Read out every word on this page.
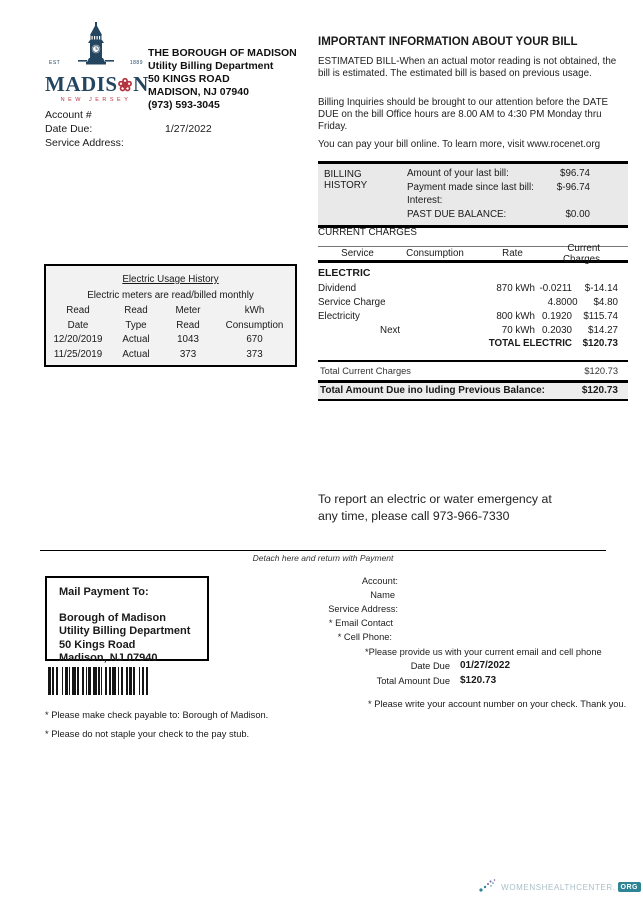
EST	1889
MADIS❀N
NEW JERSEY
THE BOROUGH OF MADISON
Utility Billing Department
50 KINGS ROAD
MADISON, NJ 07940
(973) 593-3045
Account #
Date Due:	1/27/2022
Service Address:
IMPORTANT INFORMATION ABOUT YOUR BILL
ESTIMATED BILL-When an actual motor reading is not obtained, the bill is estimated. The estimated bill is based on previous usage.
Billing Inquiries should be brought to our attention before the DATE DUE on the bill Office hours are 8.00 AM to 4:30 PM Monday thru Friday.
You can pay your bill online. To learn more, visit www.rocenet.org
BILLING HISTORY
Amount of your last bill:	$96.74
Payment made since last bill: $-96.74
Interest:
PAST DUE BALANCE:	$0.00
CURRENT CHARGES
Service	Consumption	Rate	Current Charges
ELECTRIC
Dividend	870 kWh -0.0211	$-14.14
Service Charge	4.8000	$4.80
Electricity	800 kWh 0.1920	$115.74
Next	70 kWh 0.2030	$14.27
TOTAL ELECTRIC	$120.73
Total Current Charges	$120.73
Total Amount Due ino luding Previous Balance:	$120.73
Electric Usage History
Electric meters are read/billed monthly
Read	Read	Meter	kWh
Date	Type	Read	Consumption
12/20/2019	Actual	1043	670
11/25/2019	Actual	373	373
To report an electric or water emergency at
any time, please call 973-966-7330
Detach here and return with Payment
Mail Payment To:
Borough of Madison
Utility Billing Department
50 Kings Road
Madison, NJ 07940
* Please make check payable to: Borough of Madison.
* Please do not staple your check to the pay stub.
Account:
Name
Service Address:
* Email Contact
* Cell Phone:
*Please provide us with your current email and cell phone
Date Due 01/27/2022
Total Amount Due $120.73
* Please write your account number on your check. Thank you.
WOMENSHEALTHCENTER. ORG
